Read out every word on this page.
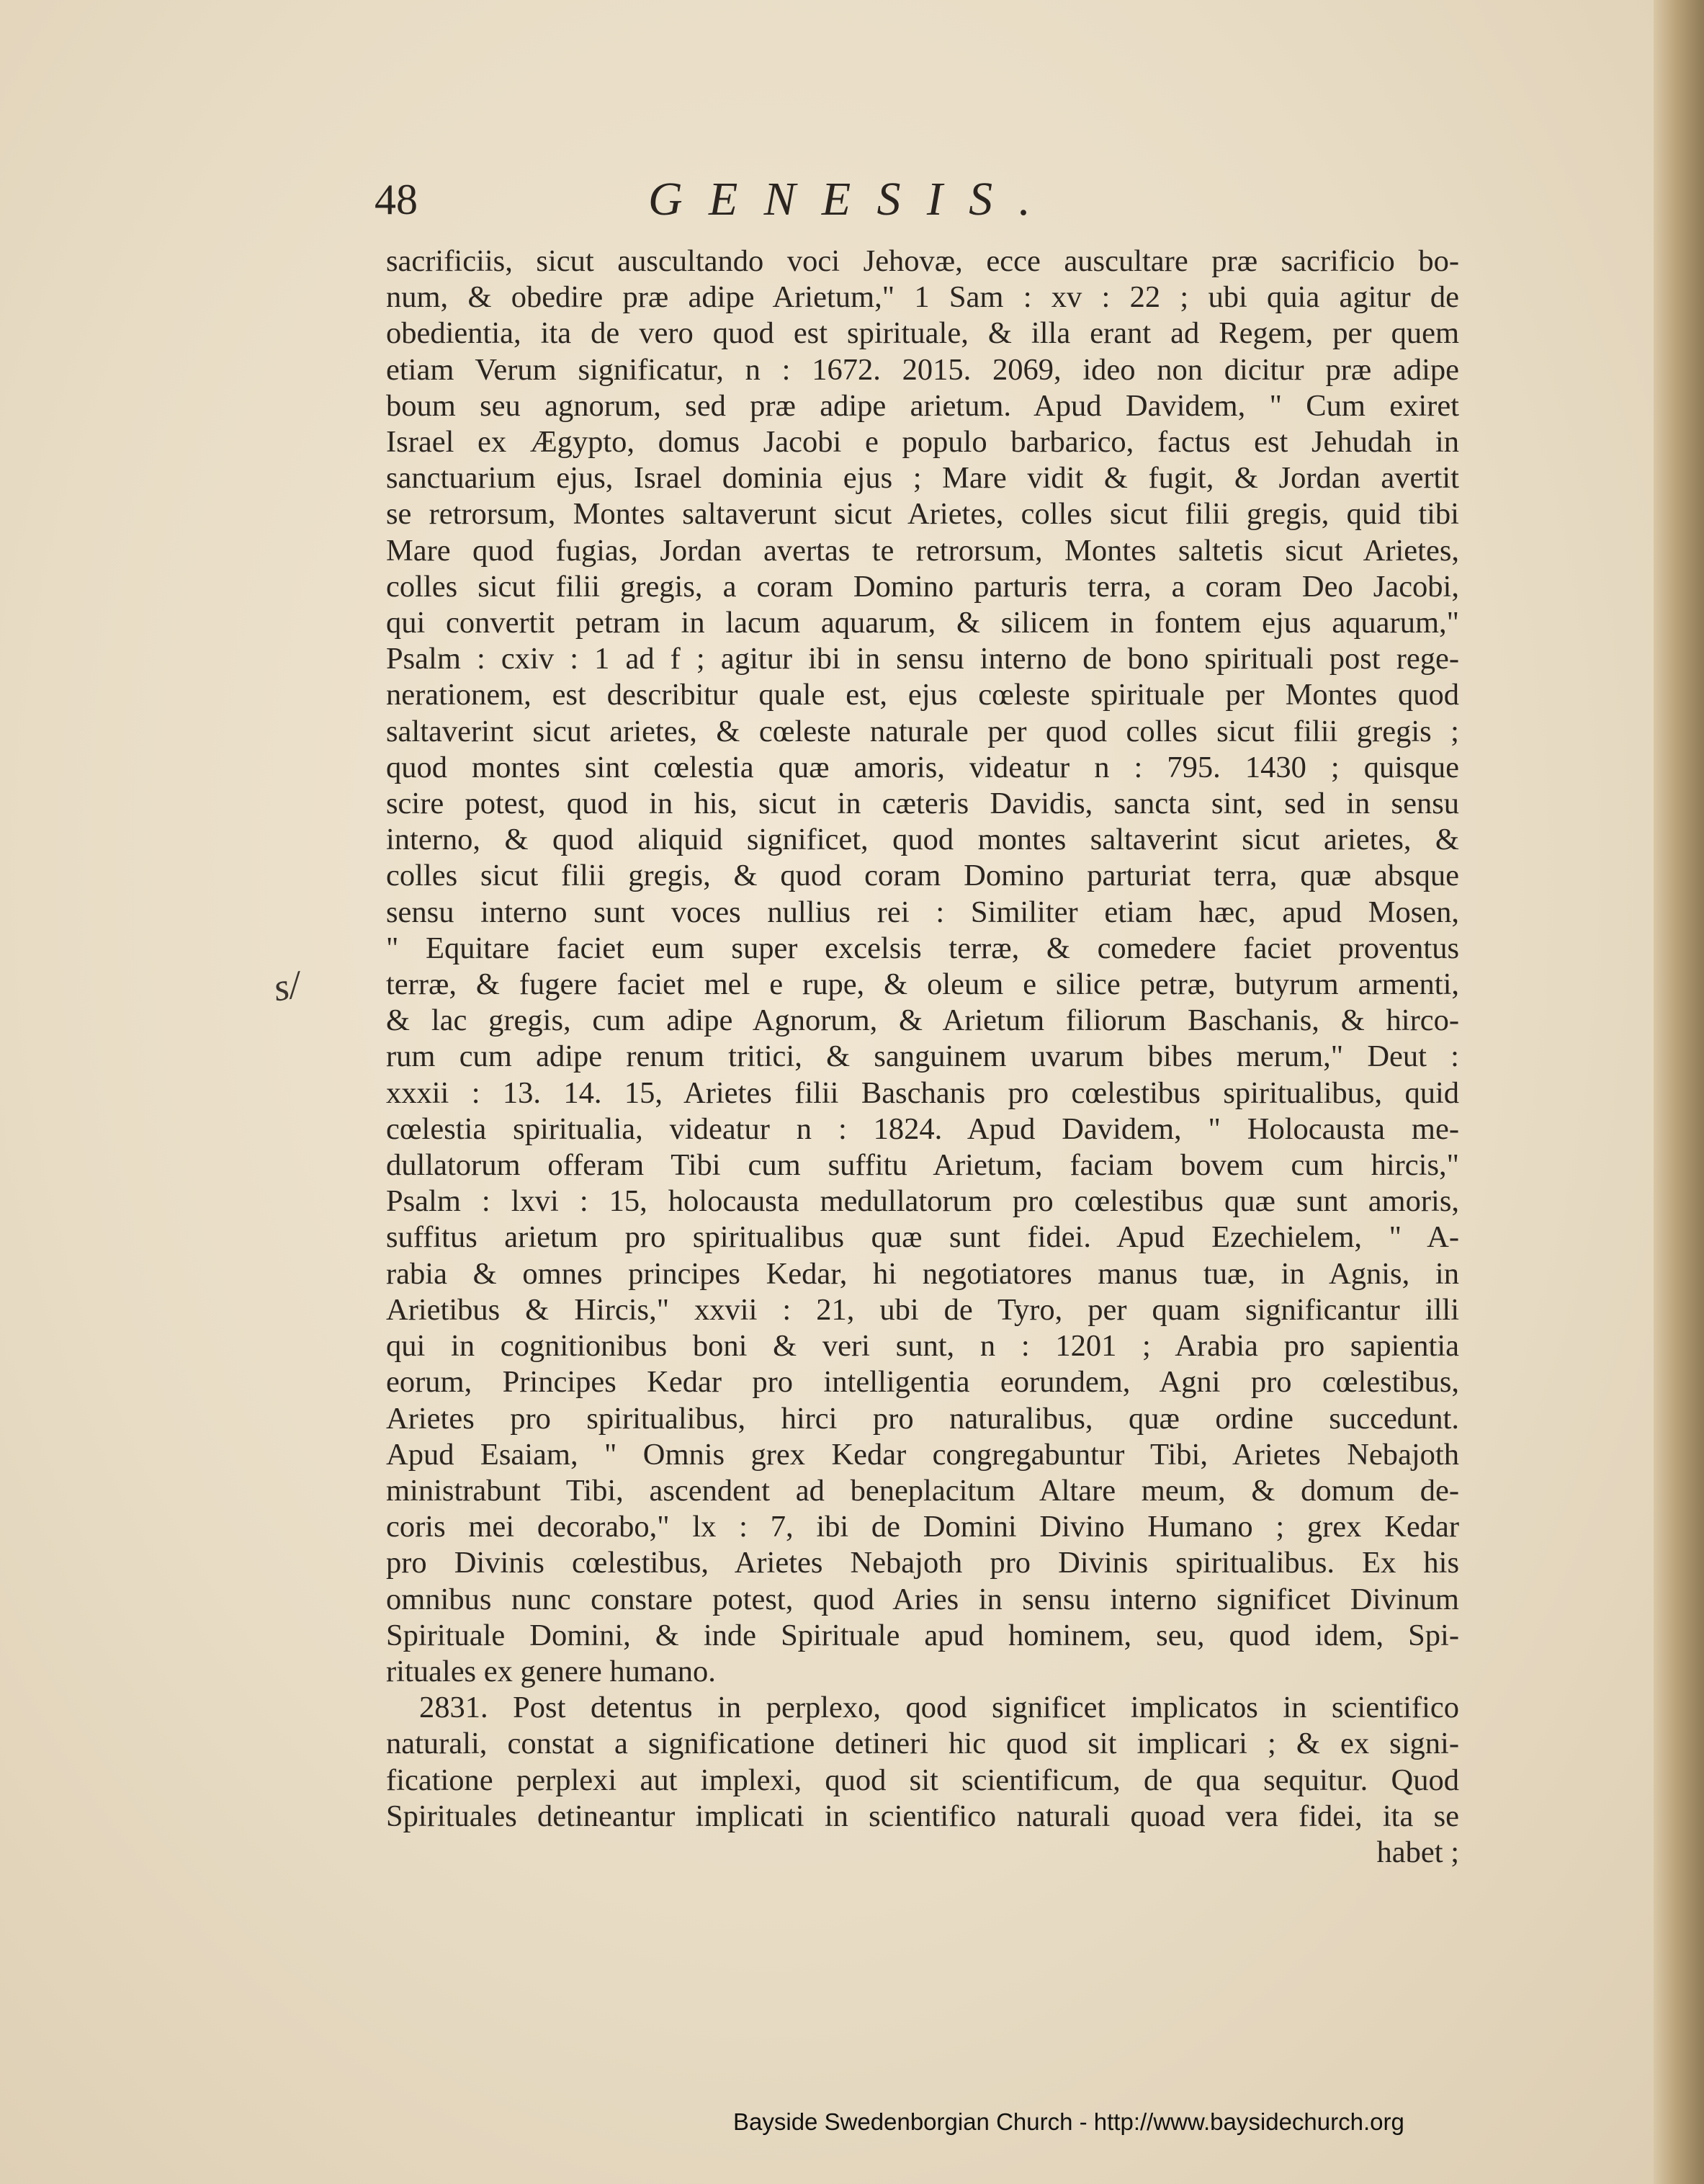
48	GENESIS.
s/
sacrificiis, sicut auscultando voci Jehovæ, ecce auscultare præ sacrificio bo-
num, & obedire præ adipe Arietum," 1 Sam : xv : 22 ; ubi quia agitur de
obedientia, ita de vero quod est spirituale, & illa erant ad Regem, per quem
etiam Verum significatur, n : 1672. 2015. 2069, ideo non dicitur præ adipe
boum seu agnorum, sed præ adipe arietum. Apud Davidem, " Cum exiret
Israel ex Ægypto, domus Jacobi e populo barbarico, factus est Jehudah in
sanctuarium ejus, Israel dominia ejus ; Mare vidit & fugit, & Jordan avertit
se retrorsum, Montes saltaverunt sicut Arietes, colles sicut filii gregis, quid tibi
Mare quod fugias, Jordan avertas te retrorsum, Montes saltetis sicut Arietes,
colles sicut filii gregis, a coram Domino parturis terra, a coram Deo Jacobi,
qui convertit petram in lacum aquarum, & silicem in fontem ejus aquarum,"
Psalm : cxiv : 1 ad f ; agitur ibi in sensu interno de bono spirituali post rege-
nerationem, est describitur quale est, ejus cœleste spirituale per Montes quod
saltaverint sicut arietes, & cœleste naturale per quod colles sicut filii gregis ;
quod montes sint cœlestia quæ amoris, videatur n : 795. 1430 ; quisque
scire potest, quod in his, sicut in cæteris Davidis, sancta sint, sed in sensu
interno, & quod aliquid significet, quod montes saltaverint sicut arietes, &
colles sicut filii gregis, & quod coram Domino parturiat terra, quæ absque
sensu interno sunt voces nullius rei : Similiter etiam hæc, apud Mosen,
" Equitare faciet eum super excelsis terræ, & comedere faciet proventus
terræ, & fugere faciet mel e rupe, & oleum e silice petræ, butyrum armenti,
& lac gregis, cum adipe Agnorum, & Arietum filiorum Baschanis, & hirco-
rum cum adipe renum tritici, & sanguinem uvarum bibes merum," Deut :
xxxii : 13. 14. 15, Arietes filii Baschanis pro cœlestibus spiritualibus, quid
cœlestia spiritualia, videatur n : 1824. Apud Davidem, " Holocausta me-
dullatorum offeram Tibi cum suffitu Arietum, faciam bovem cum hircis,"
Psalm : lxvi : 15, holocausta medullatorum pro cœlestibus quæ sunt amoris,
suffitus arietum pro spiritualibus quæ sunt fidei. Apud Ezechielem, " A-
rabia & omnes principes Kedar, hi negotiatores manus tuæ, in Agnis, in
Arietibus & Hircis," xxvii : 21, ubi de Tyro, per quam significantur illi
qui in cognitionibus boni & veri sunt, n : 1201 ; Arabia pro sapientia
eorum, Principes Kedar pro intelligentia eorundem, Agni pro cœlestibus,
Arietes pro spiritualibus, hirci pro naturalibus, quæ ordine succedunt.
Apud Esaiam, " Omnis grex Kedar congregabuntur Tibi, Arietes Nebajoth
ministrabunt Tibi, ascendent ad beneplacitum Altare meum, & domum de-
coris mei decorabo," lx : 7, ibi de Domini Divino Humano ; grex Kedar
pro Divinis cœlestibus, Arietes Nebajoth pro Divinis spiritualibus. Ex his
omnibus nunc constare potest, quod Aries in sensu interno significet Divinum
Spirituale Domini, & inde Spirituale apud hominem, seu, quod idem, Spi-
rituales ex genere humano.
2831. Post detentus in perplexo, qood significet implicatos in scientifico
naturali, constat a significatione detineri hic quod sit implicari ; & ex signi-
ficatione perplexi aut implexi, quod sit scientificum, de qua sequitur. Quod
Spirituales detineantur implicati in scientifico naturali quoad vera fidei, ita se
habet ;
Bayside Swedenborgian Church - http://www.baysidechurch.org
